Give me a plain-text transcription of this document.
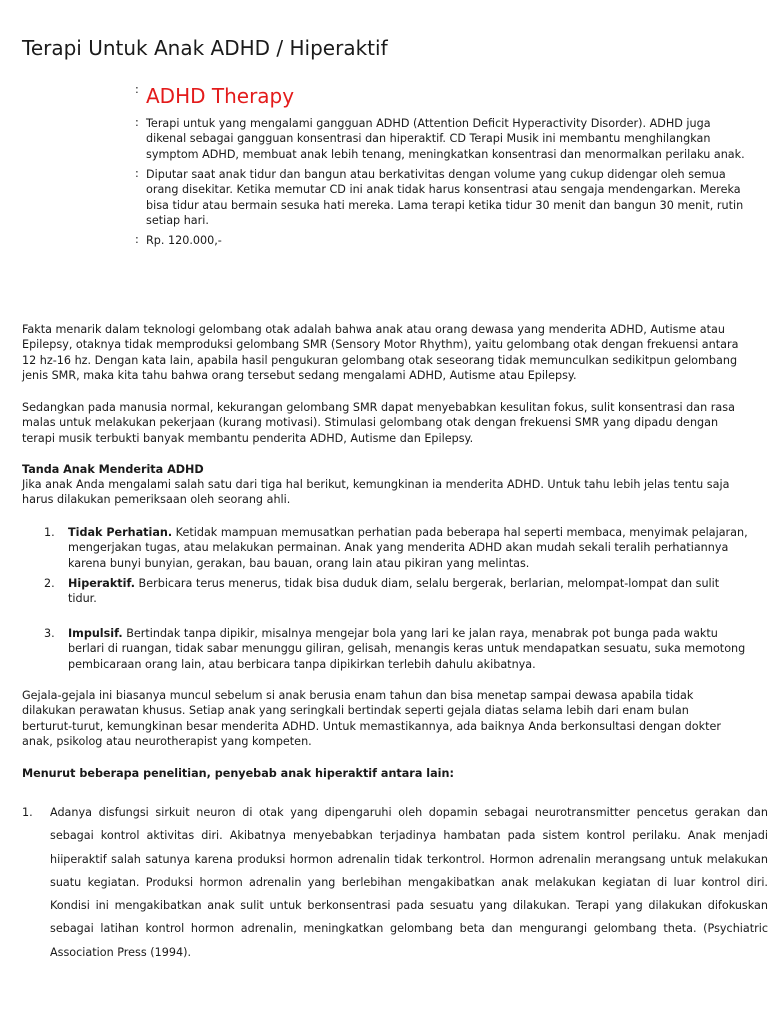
Terapi Untuk Anak ADHD / Hiperaktif
: ADHD Therapy
: Terapi untuk yang mengalami gangguan ADHD (Attention Deficit Hyperactivity Disorder). ADHD juga dikenal sebagai gangguan konsentrasi dan hiperaktif. CD Terapi Musik ini membantu menghilangkan symptom ADHD, membuat anak lebih tenang, meningkatkan konsentrasi dan menormalkan perilaku anak.
: Diputar saat anak tidur dan bangun atau berkativitas dengan volume yang cukup didengar oleh semua orang disekitar. Ketika memutar CD ini anak tidak harus konsentrasi atau sengaja mendengarkan. Mereka bisa tidur atau bermain sesuka hati mereka. Lama terapi ketika tidur 30 menit dan bangun 30 menit, rutin setiap hari.
: Rp. 120.000,-

Fakta menarik dalam teknologi gelombang otak adalah bahwa anak atau orang dewasa yang menderita ADHD, Autisme atau Epilepsy, otaknya tidak memproduksi gelombang SMR (Sensory Motor Rhythm), yaitu gelombang otak dengan frekuensi antara 12 hz-16 hz. Dengan kata lain, apabila hasil pengukuran gelombang otak seseorang tidak memunculkan sedikitpun gelombang jenis SMR, maka kita tahu bahwa orang tersebut sedang mengalami ADHD, Autisme atau Epilepsy.

Sedangkan pada manusia normal, kekurangan gelombang SMR dapat menyebabkan kesulitan fokus, sulit konsentrasi dan rasa malas untuk melakukan pekerjaan (kurang motivasi). Stimulasi gelombang otak dengan frekuensi SMR yang dipadu dengan terapi musik terbukti banyak membantu penderita ADHD, Autisme dan Epilepsy.

Tanda Anak Menderita ADHD

Jika anak Anda mengalami salah satu dari tiga hal berikut, kemungkinan ia menderita ADHD. Untuk tahu lebih jelas tentu saja harus dilakukan pemeriksaan oleh seorang ahli.

1. Tidak Perhatian. Ketidak mampuan memusatkan perhatian pada beberapa hal seperti membaca, menyimak pelajaran, mengerjakan tugas, atau melakukan permainan. Anak yang menderita ADHD akan mudah sekali teralih perhatiannya karena bunyi bunyian, gerakan, bau bauan, orang lain atau pikiran yang melintas.
2. Hiperaktif. Berbicara terus menerus, tidak bisa duduk diam, selalu bergerak, berlarian, melompat-lompat dan sulit tidur.
3. Impulsif. Bertindak tanpa dipikir, misalnya mengejar bola yang lari ke jalan raya, menabrak pot bunga pada waktu berlari di ruangan, tidak sabar menunggu giliran, gelisah, menangis keras untuk mendapatkan sesuatu, suka memotong pembicaraan orang lain, atau berbicara tanpa dipikirkan terlebih dahulu akibatnya.

Gejala-gejala ini biasanya muncul sebelum si anak berusia enam tahun dan bisa menetap sampai dewasa apabila tidak dilakukan perawatan khusus. Setiap anak yang seringkali bertindak seperti gejala diatas selama lebih dari enam bulan berturut-turut, kemungkinan besar menderita ADHD. Untuk memastikannya, ada baiknya Anda berkonsultasi dengan dokter anak, psikolog atau neurotherapist yang kompeten.

Menurut beberapa penelitian, penyebab anak hiperaktif antara lain:

1. Adanya disfungsi sirkuit neuron di otak yang dipengaruhi oleh dopamin sebagai neurotransmitter pencetus gerakan dan sebagai kontrol aktivitas diri. Akibatnya menyebabkan terjadinya hambatan pada sistem kontrol perilaku. Anak menjadi hiiperaktif salah satunya karena produksi hormon adrenalin tidak terkontrol. Hormon adrenalin merangsang untuk melakukan suatu kegiatan. Produksi hormon adrenalin yang berlebihan mengakibatkan anak melakukan kegiatan di luar kontrol diri. Kondisi ini mengakibatkan anak sulit untuk berkonsentrasi pada sesuatu yang dilakukan. Terapi yang dilakukan difokuskan sebagai latihan kontrol hormon adrenalin, meningkatkan gelombang beta dan mengurangi gelombang theta. (Psychiatric Association Press (1994).
